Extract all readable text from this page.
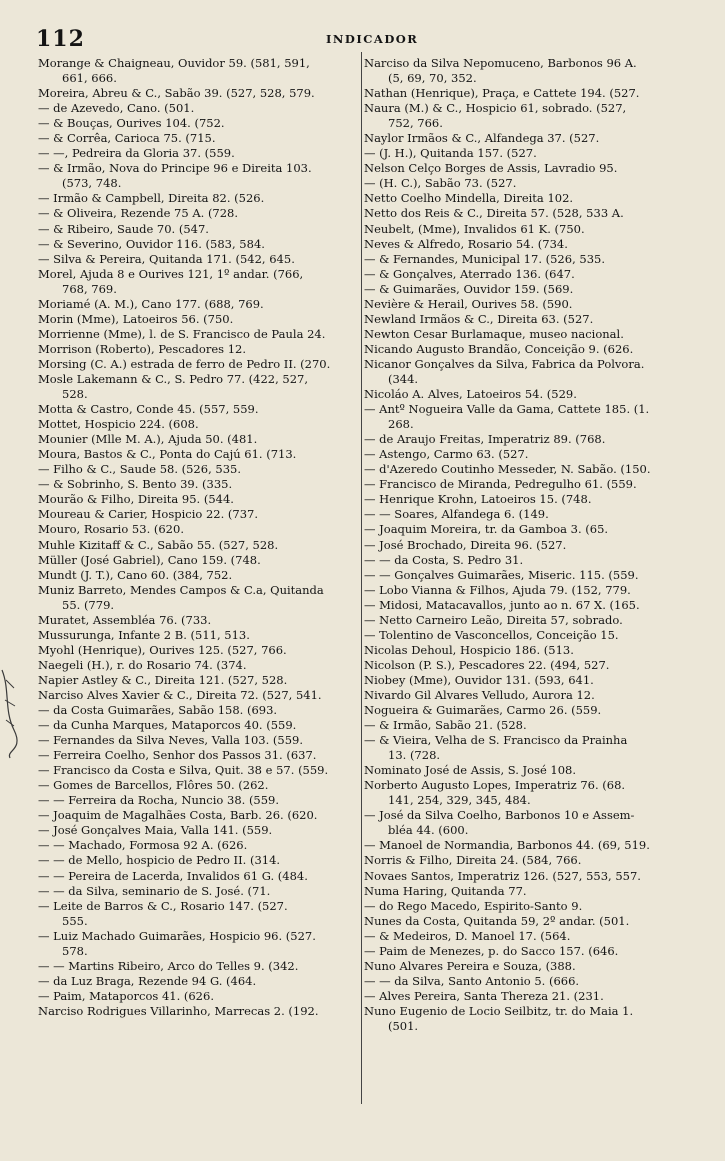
112	INDICADOR
Morange & Chaigneau, Ouvidor 59. (581, 591,
661, 666.
Moreira, Abreu & C., Sabão 39. (527, 528, 579.
— de Azevedo, Cano. (501.
— & Bouças, Ourives 104. (752.
— & Corrêa, Carioca 75. (715.
— —, Pedreira da Gloria 37. (559.
— & Irmão, Nova do Principe 96 e Direita 103.
(573, 748.
— Irmão & Campbell, Direita 82. (526.
— & Oliveira, Rezende 75 A. (728.
— & Ribeiro, Saude 70. (547.
— & Severino, Ouvidor 116. (583, 584.
— Silva & Pereira, Quitanda 171. (542, 645.
Morel, Ajuda 8 e Ourives 121, 1º andar. (766,
768, 769.
Moriamé (A. M.), Cano 177. (688, 769.
Morin (Mme), Latoeiros 56. (750.
Morrienne (Mme), l. de S. Francisco de Paula 24.
Morrison (Roberto), Pescadores 12.
Morsing (C. A.) estrada de ferro de Pedro II. (270.
Mosle Lakemann & C., S. Pedro 77. (422, 527,
528.
Motta & Castro, Conde 45. (557, 559.
Mottet, Hospicio 224. (608.
Mounier (Mlle M. A.), Ajuda 50. (481.
Moura, Bastos & C., Ponta do Cajú 61. (713.
— Filho & C., Saude 58. (526, 535.
— & Sobrinho, S. Bento 39. (335.
Mourão & Filho, Direita 95. (544.
Moureau & Carier, Hospicio 22. (737.
Mouro, Rosario 53. (620.
Muhle Kizitaff & C., Sabão 55. (527, 528.
Müller (José Gabriel), Cano 159. (748.
Mundt (J. T.), Cano 60. (384, 752.
Muniz Barreto, Mendes Campos & C.a, Quitanda
55. (779.
Muratet, Assembléa 76. (733.
Mussurunga, Infante 2 B. (511, 513.
Myohl (Henrique), Ourives 125. (527, 766.
Naegeli (H.), r. do Rosario 74. (374.
Napier Astley & C., Direita 121. (527, 528.
Narciso Alves Xavier & C., Direita 72. (527, 541.
— da Costa Guimarães, Sabão 158. (693.
— da Cunha Marques, Mataporcos 40. (559.
— Fernandes da Silva Neves, Valla 103. (559.
— Ferreira Coelho, Senhor dos Passos 31. (637.
— Francisco da Costa e Silva, Quit. 38 e 57. (559.
— Gomes de Barcellos, Flôres 50. (262.
— — Ferreira da Rocha, Nuncio 38. (559.
— Joaquim de Magalhães Costa, Barb. 26. (620.
— José Gonçalves Maia, Valla 141. (559.
— — Machado, Formosa 92 A. (626.
— — de Mello, hospicio de Pedro II. (314.
— — Pereira de Lacerda, Invalidos 61 G. (484.
— — da Silva, seminario de S. José. (71.
— Leite de Barros & C., Rosario 147. (527.
555.
— Luiz Machado Guimarães, Hospicio 96. (527.
578.
— — Martins Ribeiro, Arco do Telles 9. (342.
— da Luz Braga, Rezende 94 G. (464.
— Paim, Mataporcos 41. (626.
Narciso Rodrigues Villarinho, Marrecas 2. (192.
Narciso da Silva Nepomuceno, Barbonos 96 A.
(5, 69, 70, 352.
Nathan (Henrique), Praça, e Cattete 194. (527.
Naura (M.) & C., Hospicio 61, sobrado. (527,
752, 766.
Naylor Irmãos & C., Alfandega 37. (527.
— (J. H.), Quitanda 157. (527.
Nelson Celço Borges de Assis, Lavradio 95.
— (H. C.), Sabão 73. (527.
Netto Coelho Mindella, Direita 102.
Netto dos Reis & C., Direita 57. (528, 533 A.
Neubelt, (Mme), Invalidos 61 K. (750.
Neves & Alfredo, Rosario 54. (734.
— & Fernandes, Municipal 17. (526, 535.
— & Gonçalves, Aterrado 136. (647.
— & Guimarães, Ouvidor 159. (569.
Nevière & Herail, Ourives 58. (590.
Newland Irmãos & C., Direita 63. (527.
Newton Cesar Burlamaque, museo nacional.
Nicando Augusto Brandão, Conceição 9. (626.
Nicanor Gonçalves da Silva, Fabrica da Polvora.
(344.
Nicoláo A. Alves, Latoeiros 54. (529.
— Antº Nogueira Valle da Gama, Cattete 185. (1.
268.
— de Araujo Freitas, Imperatriz 89. (768.
— Astengo, Carmo 63. (527.
— d'Azeredo Coutinho Messeder, N. Sabão. (150.
— Francisco de Miranda, Pedregulho 61. (559.
— Henrique Krohn, Latoeiros 15. (748.
— — Soares, Alfandega 6. (149.
— Joaquim Moreira, tr. da Gamboa 3. (65.
— José Brochado, Direita 96. (527.
— — da Costa, S. Pedro 31.
— — Gonçalves Guimarães, Miseric. 115. (559.
— Lobo Vianna & Filhos, Ajuda 79. (152, 779.
— Midosi, Matacavallos, junto ao n. 67 X. (165.
— Netto Carneiro Leão, Direita 57, sobrado.
— Tolentino de Vasconcellos, Conceição 15.
Nicolas Dehoul, Hospicio 186. (513.
Nicolson (P. S.), Pescadores 22. (494, 527.
Niobey (Mme), Ouvidor 131. (593, 641.
Nivardo Gil Alvares Velludo, Aurora 12.
Nogueira & Guimarães, Carmo 26. (559.
— & Irmão, Sabão 21. (528.
— & Vieira, Velha de S. Francisco da Prainha
13. (728.
Nominato José de Assis, S. José 108.
Norberto Augusto Lopes, Imperatriz 76. (68.
141, 254, 329, 345, 484.
— José da Silva Coelho, Barbonos 10 e Assem-
bléa 44. (600.
— Manoel de Normandia, Barbonos 44. (69, 519.
Norris & Filho, Direita 24. (584, 766.
Novaes Santos, Imperatriz 126. (527, 553, 557.
Numa Haring, Quitanda 77.
— do Rego Macedo, Espirito-Santo 9.
Nunes da Costa, Quitanda 59, 2º andar. (501.
— & Medeiros, D. Manoel 17. (564.
— Paim de Menezes, p. do Sacco 157. (646.
Nuno Alvares Pereira e Souza, (388.
— — da Silva, Santo Antonio 5. (666.
— Alves Pereira, Santa Thereza 21. (231.
Nuno Eugenio de Locio Seilbitz, tr. do Maia 1.
(501.
